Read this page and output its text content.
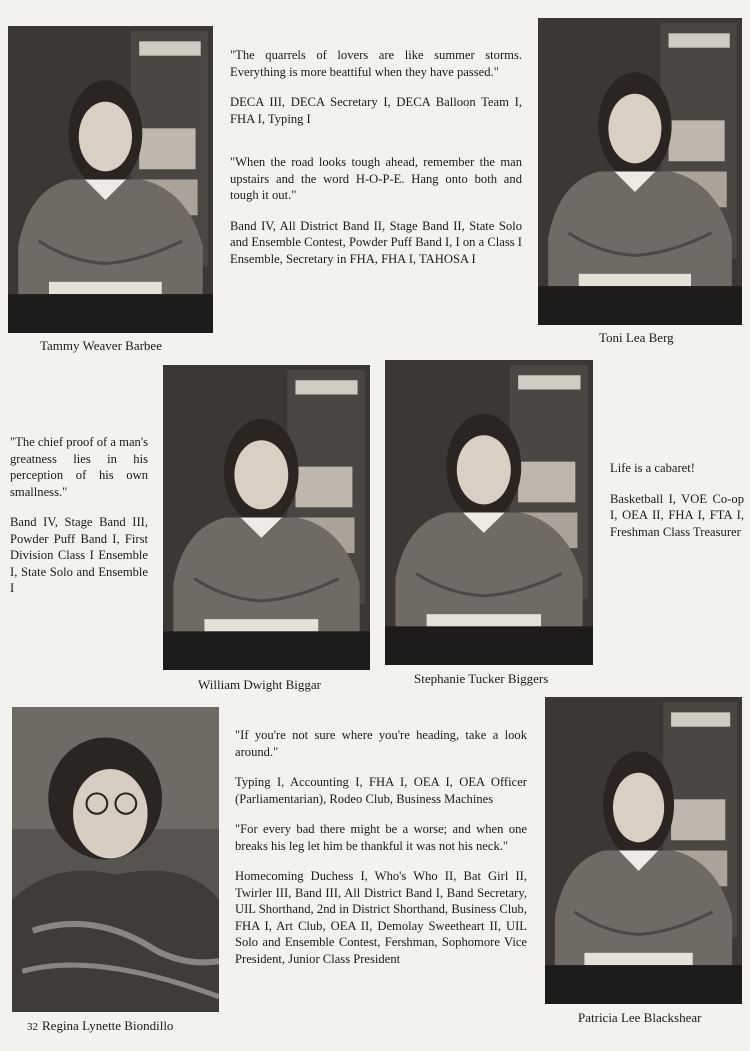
Tammy Weaver Barbee
Toni Lea Berg
William Dwight Biggar	Stephanie Tucker Biggers
32 Regina Lynette Biondillo
Patricia Lee Blackshear

"The quarrels of lovers are like summer storms. Everything is more beattiful when they have passed."

DECA III, DECA Secretary I, DECA Balloon Team I, FHA I, Typing I

"When the road looks tough ahead, remember the man upstairs and the word H-O-P-E. Hang onto both and tough it out."

Band IV, All District Band II, Stage Band II, State Solo and Ensemble Contest, Powder Puff Band I, I on a Class I Ensemble, Secretary in FHA, FHA I, TAHOSA I

"The chief proof of a man's greatness lies in his perception of his own smallness."

Band IV, Stage Band III, Powder Puff Band I, First Division Class I Ensemble I, State Solo and Ensemble I

Life is a cabaret!

Basketball I, VOE Co-op I, OEA II, FHA I, FTA I, Freshman Class Treasurer

"If you're not sure where you're heading, take a look around."

Typing I, Accounting I, FHA I, OEA I, OEA Officer (Parliamentarian), Rodeo Club, Business Machines

"For every bad there might be a worse; and when one breaks his leg let him be thankful it was not his neck."

Homecoming Duchess I, Who's Who II, Bat Girl II, Twirler III, Band III, All District Band I, Band Secretary, UIL Shorthand, 2nd in District Shorthand, Business Club, FHA I, Art Club, OEA II, Demolay Sweetheart II, UIL Solo and Ensemble Contest, Fershman, Sophomore Vice President, Junior Class President
